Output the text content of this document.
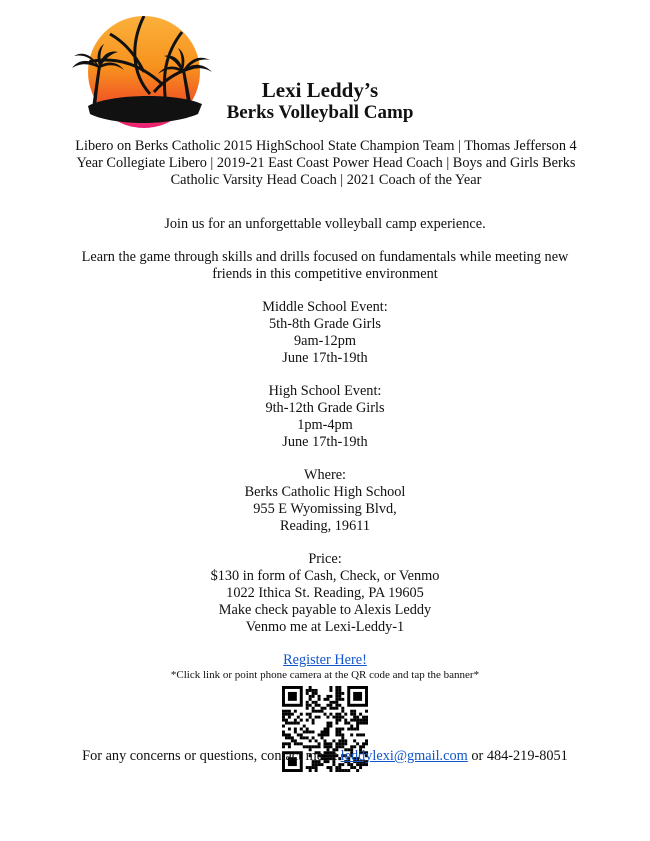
Lexi Leddy’s
Berks Volleyball Camp
Libero on Berks Catholic 2015 HighSchool State Champion Team | Thomas Jefferson 4 Year Collegiate Libero | 2019-21 East Coast Power Head Coach | Boys and Girls Berks Catholic Varsity Head Coach | 2021 Coach of the Year

Join us for an unforgettable volleyball camp experience.

Learn the game through skills and drills focused on fundamentals while meeting new friends in this competitive environment

Middle School Event:

5th-8th Grade Girls

9am-12pm

June 17th-19th

High School Event:

9th-12th Grade Girls

1pm-4pm

June 17th-19th

Where:

Berks Catholic High School

955 E Wyomissing Blvd,

Reading, 19611

Price:

$130 in form of Cash, Check, or Venmo

1022 Ithica St. Reading, PA 19605

Make check payable to Alexis Leddy

Venmo me at Lexi-Leddy-1

Register Here!

*Click link or point phone camera at the QR code and tap the banner*

For any concerns or questions, contact me at leddylexi@gmail.com or 484-219-8051
